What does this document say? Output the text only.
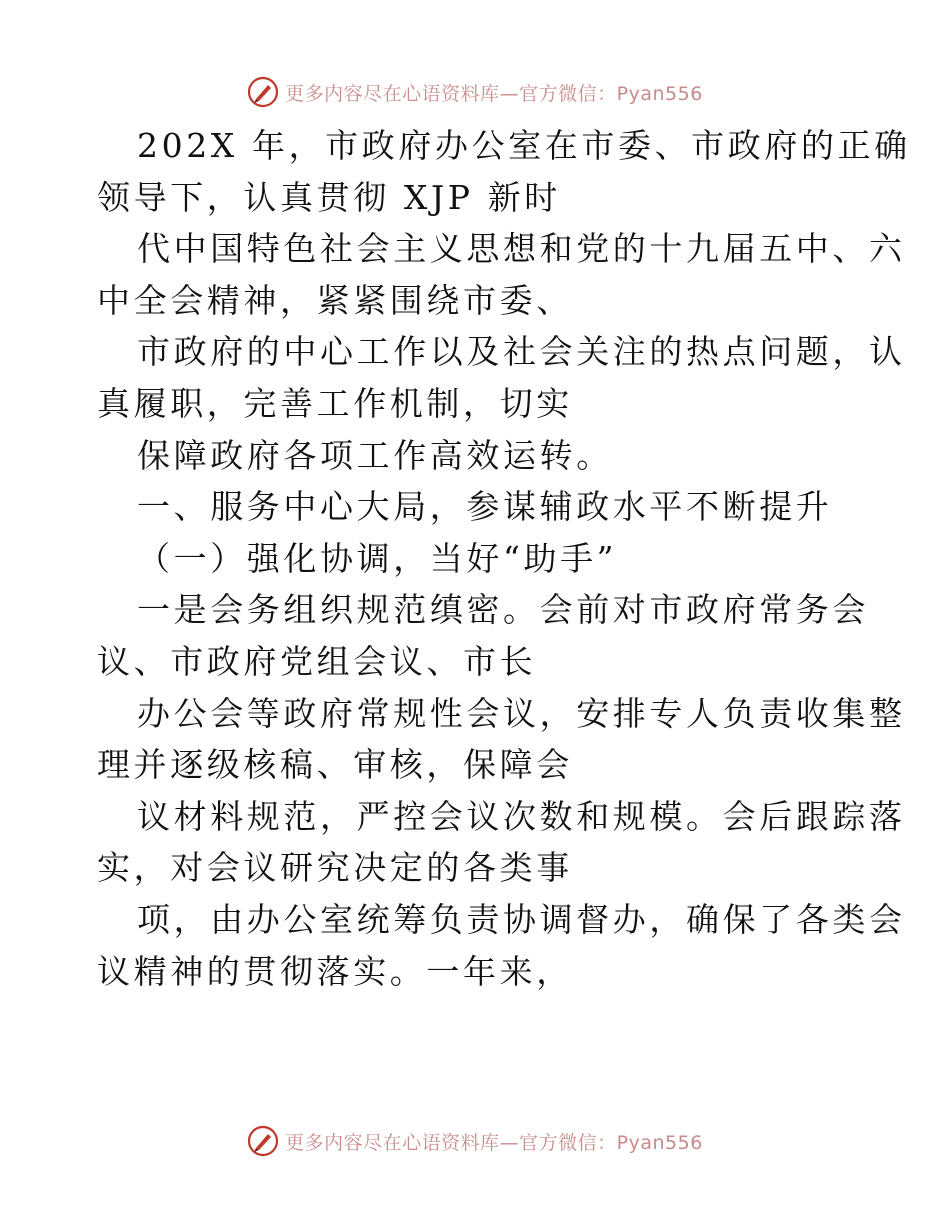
更多内容尽在心语资料库—官方微信：Pyan556
202X 年，市政府办公室在市委、市政府的正确
领导下，认真贯彻 XJP 新时
代中国特色社会主义思想和党的十九届五中、六
中全会精神，紧紧围绕市委、
市政府的中心工作以及社会关注的热点问题，认
真履职，完善工作机制，切实
保障政府各项工作高效运转。
一、服务中心大局，参谋辅政水平不断提升
（一）强化协调，当好“助手”
一是会务组织规范缜密。会前对市政府常务会
议、市政府党组会议、市长
办公会等政府常规性会议，安排专人负责收集整
理并逐级核稿、审核，保障会
议材料规范，严控会议次数和规模。会后跟踪落
实，对会议研究决定的各类事
项，由办公室统筹负责协调督办，确保了各类会
议精神的贯彻落实。一年来，
更多内容尽在心语资料库—官方微信：Pyan556
